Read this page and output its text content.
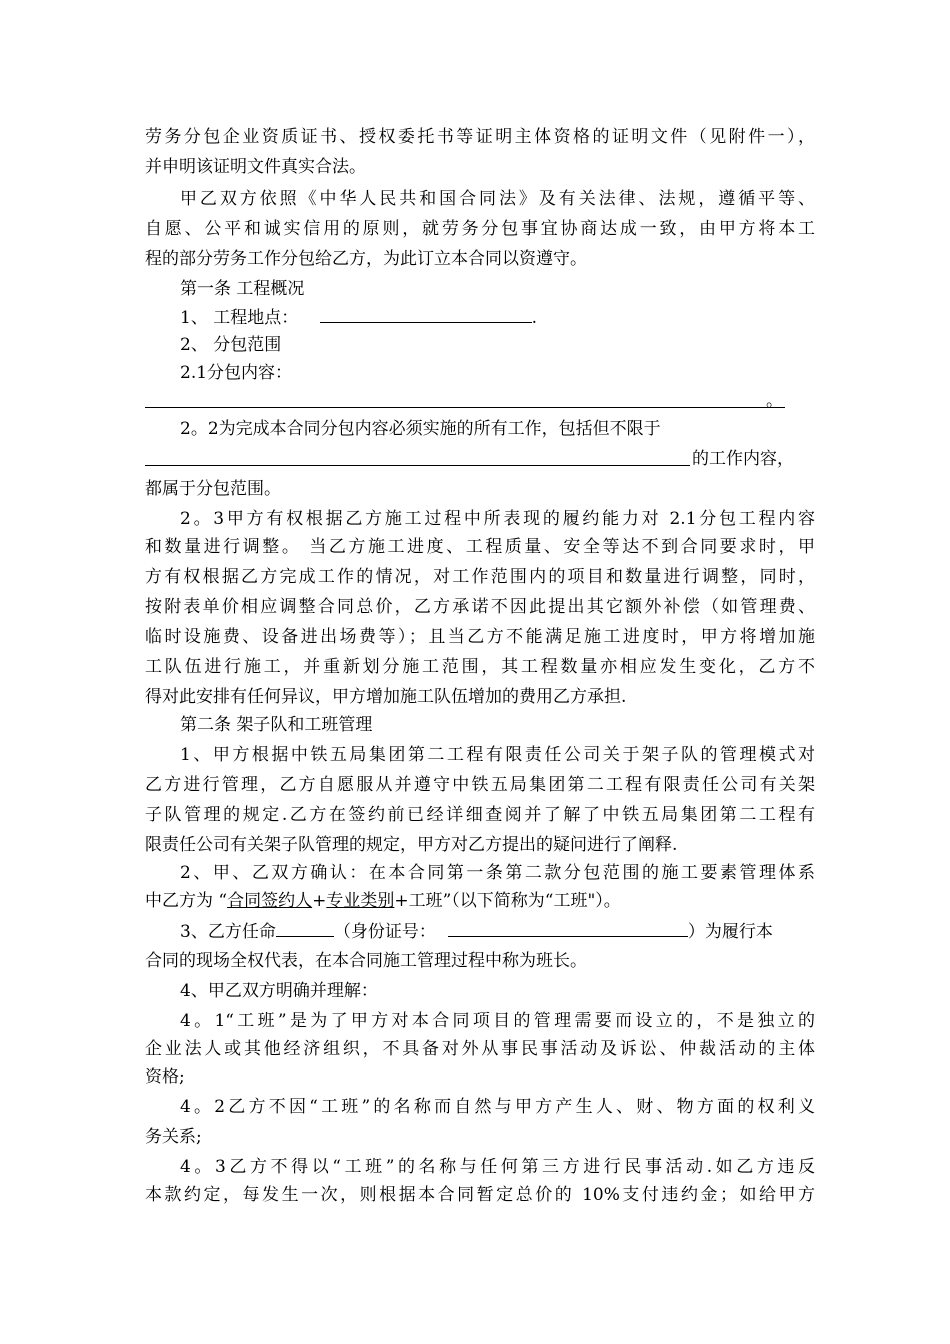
劳务分包企业资质证书、授权委托书等证明主体资格的证明文件（见附件一），
并申明该证明文件真实合法。
甲乙双方依照《中华人民共和国合同法》及有关法律、法规，遵循平等、
自愿、公平和诚实信用的原则，就劳务分包事宜协商达成一致，由甲方将本工
程的部分劳务工作分包给乙方，为此订立本合同以资遵守。
第一条 工程概况
1、 工程地点：	.
2、 分包范围
2.1分包内容：
。
2。2为完成本合同分包内容必须实施的所有工作，包括但不限于
的工作内容，
都属于分包范围。
2。3甲方有权根据乙方施工过程中所表现的履约能力对 2.1分包工程内容
和数量进行调整。 当乙方施工进度、工程质量、安全等达不到合同要求时，甲
方有权根据乙方完成工作的情况，对工作范围内的项目和数量进行调整，同时，
按附表单价相应调整合同总价，乙方承诺不因此提出其它额外补偿（如管理费、
临时设施费、设备进出场费等）；且当乙方不能满足施工进度时，甲方将增加施
工队伍进行施工，并重新划分施工范围，其工程数量亦相应发生变化，乙方不
得对此安排有任何异议，甲方增加施工队伍增加的费用乙方承担.
第二条 架子队和工班管理
1、甲方根据中铁五局集团第二工程有限责任公司关于架子队的管理模式对
乙方进行管理，乙方自愿服从并遵守中铁五局集团第二工程有限责任公司有关架
子队管理的规定.乙方在签约前已经详细查阅并了解了中铁五局集团第二工程有
限责任公司有关架子队管理的规定，甲方对乙方提出的疑问进行了阐释.
2、甲、乙双方确认：在本合同第一条第二款分包范围的施工要素管理体系
中乙方为 “合同签约人+专业类别+工班”（以下简称为“工班"）。
3、乙方任命	（身份证号：	）为履行本
合同的现场全权代表，在本合同施工管理过程中称为班长。
4、甲乙双方明确并理解：
4。1“工班”是为了甲方对本合同项目的管理需要而设立的，不是独立的
企业法人或其他经济组织，不具备对外从事民事活动及诉讼、仲裁活动的主体
资格;
4。2乙方不因“工班”的名称而自然与甲方产生人、财、物方面的权利义
务关系;
4。3乙方不得以“工班”的名称与任何第三方进行民事活动.如乙方违反
本款约定，每发生一次，则根据本合同暂定总价的 10%支付违约金；如给甲方
